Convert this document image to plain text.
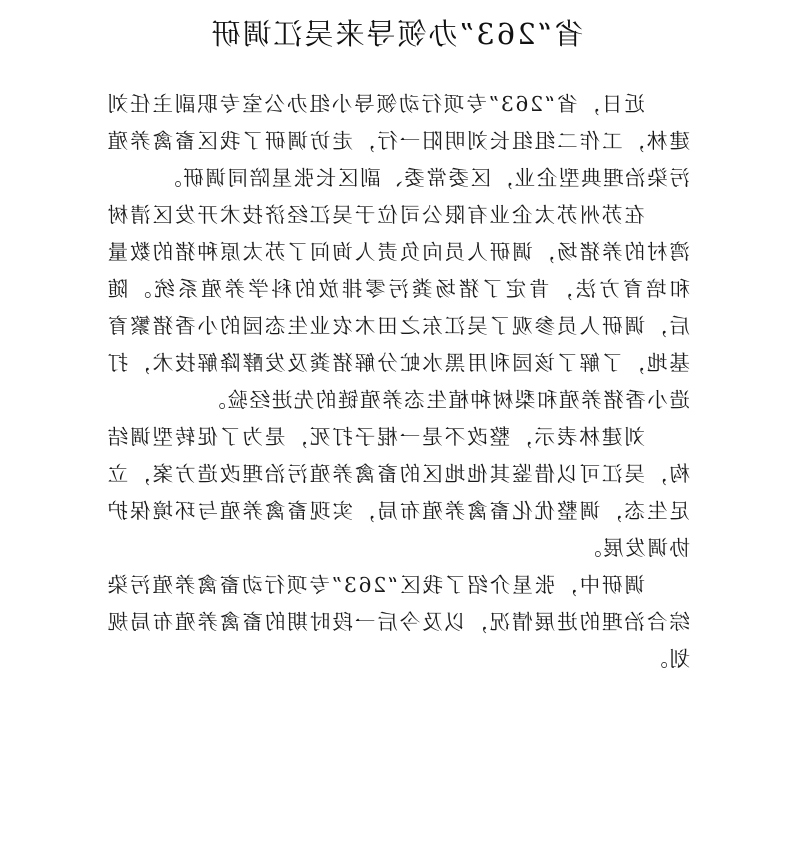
省“263”办领导来吴江调研

近日，省“263”专项行动领导小组办公室专职副主任刘建林，工作二组组长刘明阳一行，走访调研了我区畜禽养殖污染治理典型企业，区委常委、副区长张星陪同调研。

在苏州苏太企业有限公司位于吴江经济技术开发区清树湾村的养猪场，调研人员向负责人询问了苏太原种猪的数量和培育方法，肯定了猪场粪污零排放的科学养殖系统。随后，调研人员参观了吴江东之田木农业生态园的小香猪繁育基地，了解了该园利用黑水虻分解猪粪及发酵降解技术，打造小香猪养殖和梨树种植生态养殖链的先进经验。

刘建林表示，整改不是一棍子打死，是为了促转型调结构，吴江可以借鉴其他地区的畜禽养殖污治理改造方案，立足生态，调整优化畜禽养殖布局，实现畜禽养殖与环境保护协调发展。

调研中，张星介绍了我区“263”专项行动畜禽养殖污染综合治理的进展情况，以及今后一段时期的畜禽养殖布局规划。
